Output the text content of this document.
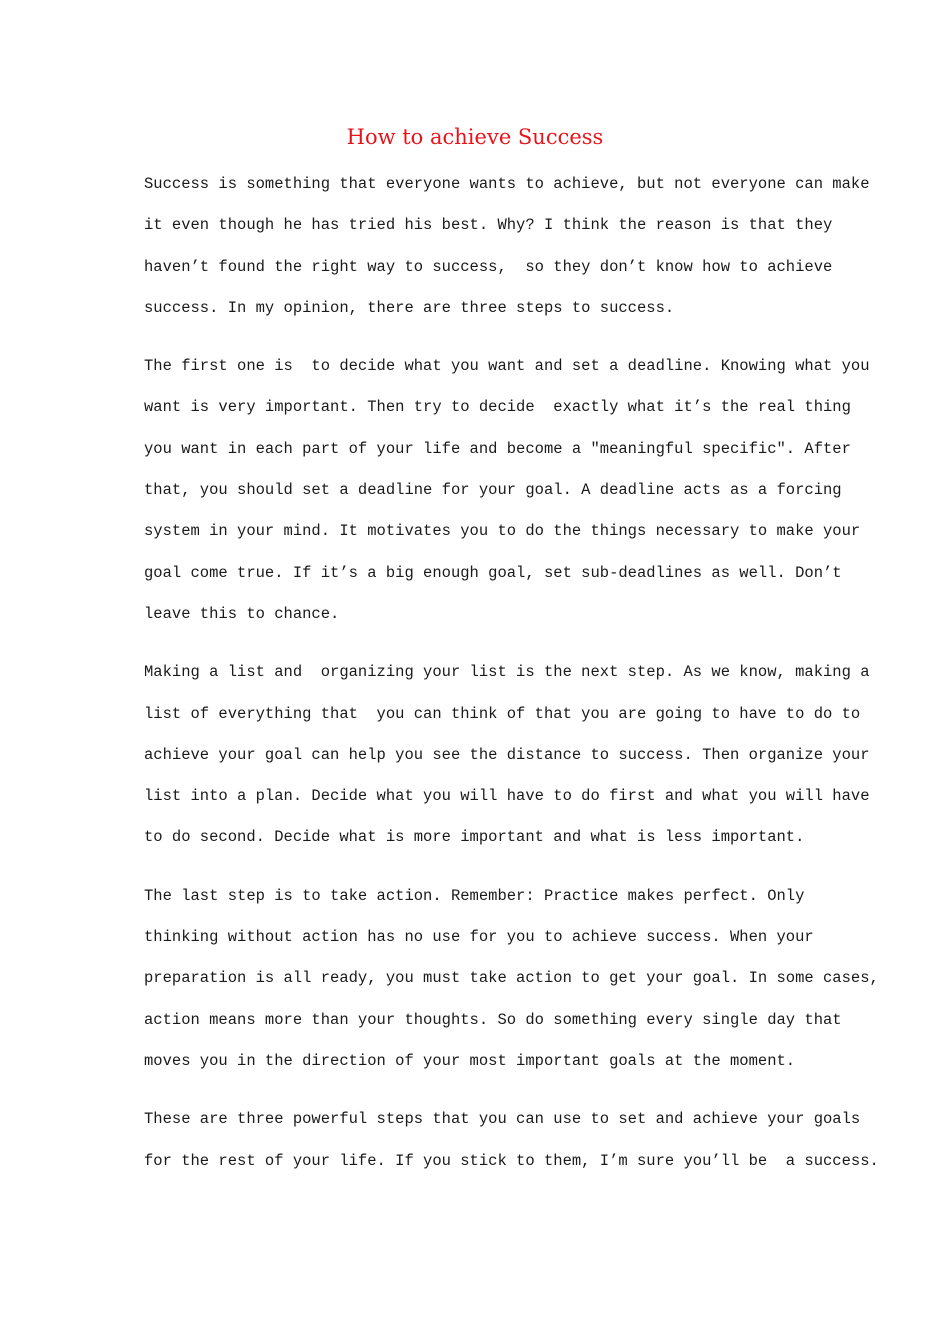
How to achieve Success
Success is something that everyone wants to achieve, but not everyone can make
it even though he has tried his best. Why? I think the reason is that they
haven’t found the right way to success,  so they don’t know how to achieve
success. In my opinion, there are three steps to success.
The first one is  to decide what you want and set a deadline. Knowing what you
want is very important. Then try to decide  exactly what it’s the real thing
you want in each part of your life and become a "meaningful specific". After
that, you should set a deadline for your goal. A deadline acts as a forcing
system in your mind. It motivates you to do the things necessary to make your
goal come true. If it’s a big enough goal, set sub-deadlines as well. Don’t
leave this to chance.
Making a list and  organizing your list is the next step. As we know, making a
list of everything that  you can think of that you are going to have to do to
achieve your goal can help you see the distance to success. Then organize your
list into a plan. Decide what you will have to do first and what you will have
to do second. Decide what is more important and what is less important.
The last step is to take action. Remember: Practice makes perfect. Only
thinking without action has no use for you to achieve success. When your
preparation is all ready, you must take action to get your goal. In some cases,
action means more than your thoughts. So do something every single day that
moves you in the direction of your most important goals at the moment.
These are three powerful steps that you can use to set and achieve your goals
for the rest of your life. If you stick to them, I’m sure you’ll be  a success.
